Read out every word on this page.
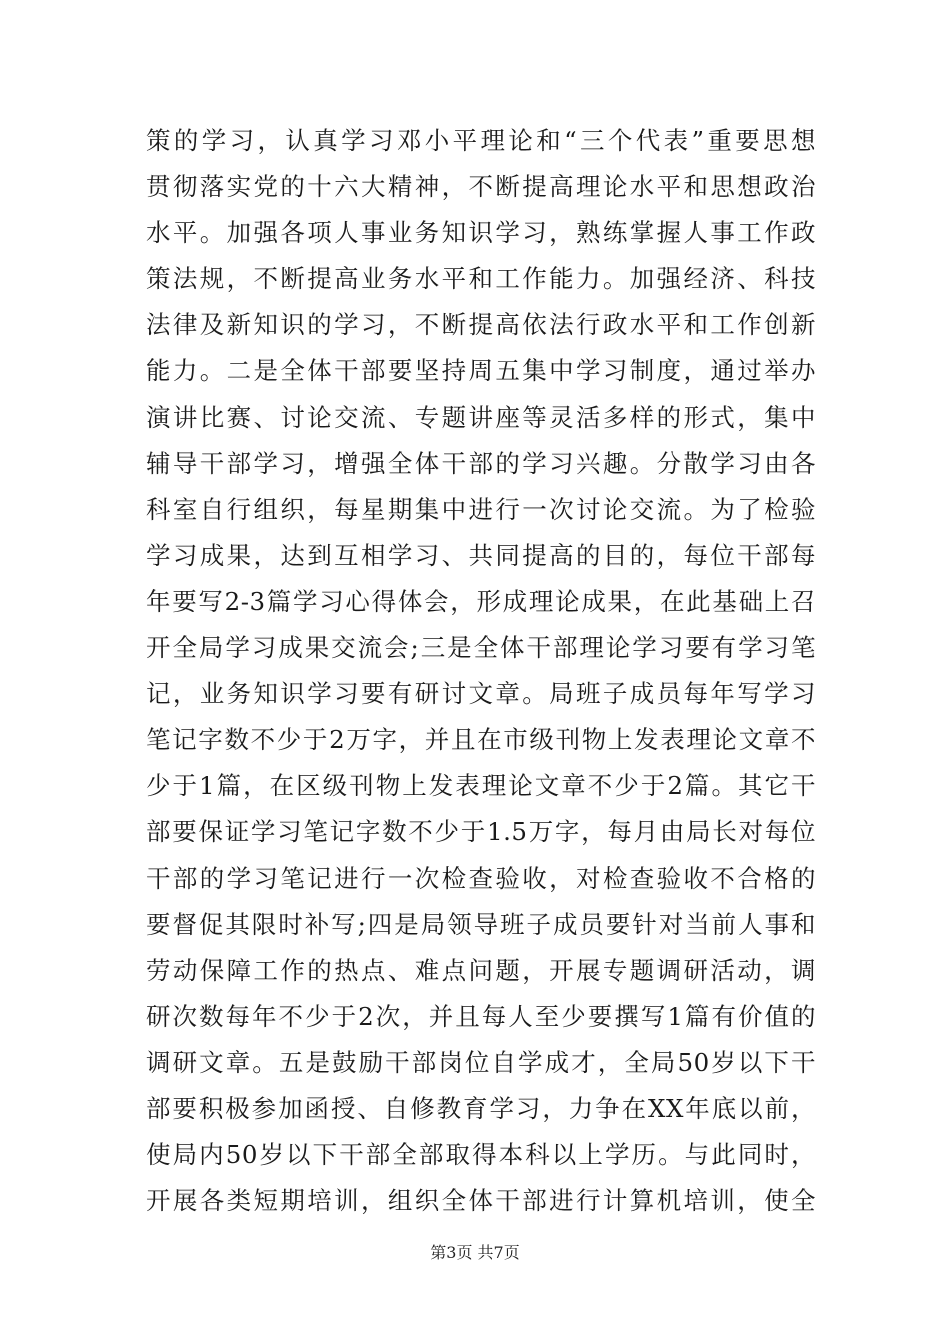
策的学习，认真学习邓小平理论和“三个代表”重要思想
贯彻落实党的十六大精神，不断提高理论水平和思想政治
水平。加强各项人事业务知识学习，熟练掌握人事工作政
策法规，不断提高业务水平和工作能力。加强经济、科技
法律及新知识的学习，不断提高依法行政水平和工作创新
能力。二是全体干部要坚持周五集中学习制度，通过举办
演讲比赛、讨论交流、专题讲座等灵活多样的形式，集中
辅导干部学习，增强全体干部的学习兴趣。分散学习由各
科室自行组织，每星期集中进行一次讨论交流。为了检验
学习成果，达到互相学习、共同提高的目的，每位干部每
年要写2-3篇学习心得体会，形成理论成果，在此基础上召
开全局学习成果交流会;三是全体干部理论学习要有学习笔
记，业务知识学习要有研讨文章。局班子成员每年写学习
笔记字数不少于2万字，并且在市级刊物上发表理论文章不
少于1篇，在区级刊物上发表理论文章不少于2篇。其它干
部要保证学习笔记字数不少于1.5万字，每月由局长对每位
干部的学习笔记进行一次检查验收，对检查验收不合格的
要督促其限时补写;四是局领导班子成员要针对当前人事和
劳动保障工作的热点、难点问题，开展专题调研活动，调
研次数每年不少于2次，并且每人至少要撰写1篇有价值的
调研文章。五是鼓励干部岗位自学成才，全局50岁以下干
部要积极参加函授、自修教育学习，力争在XX年底以前，
使局内50岁以下干部全部取得本科以上学历。与此同时，
开展各类短期培训，组织全体干部进行计算机培训，使全
第3页 共7页
